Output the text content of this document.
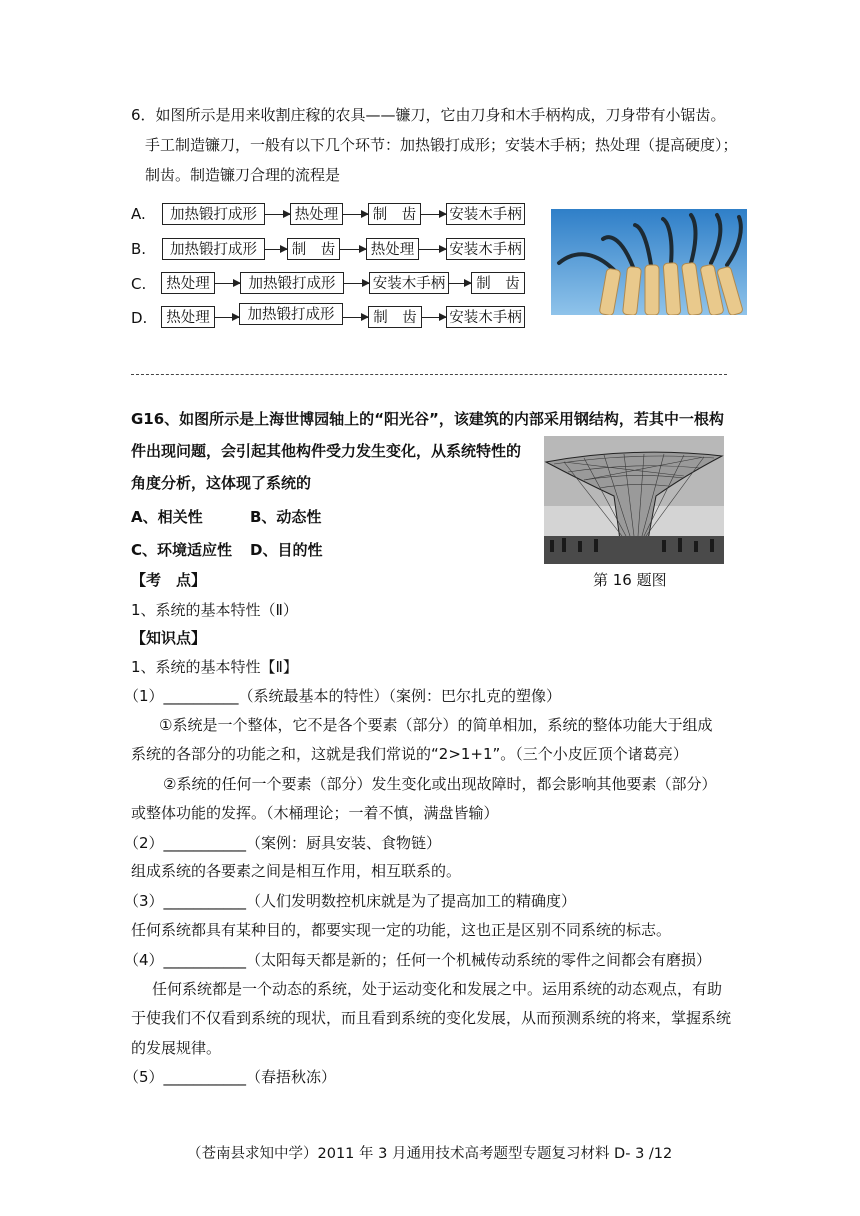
6．如图所示是用来收割庄稼的农具——镰刀，它由刀身和木手柄构成，刀身带有小锯齿。
手工制造镰刀，一般有以下几个环节：加热锻打成形；安装木手柄；热处理（提高硬度）；
制齿。制造镰刀合理的流程是
A.	加热锻打成形	热处理	制　齿	安装木手柄
B.	加热锻打成形	制　齿	热处理	安装木手柄
C.	热处理	加热锻打成形	安装木手柄	制　齿
D.	热处理	加热锻打成形	制　齿	安装木手柄
G16、如图所示是上海世博园轴上的“阳光谷”，该建筑的内部采用钢结构，若其中一根构
件出现问题，会引起其他构件受力发生变化，从系统特性的
角度分析，这体现了系统的
A、相关性	B、动态性
C、环境适应性 D、目的性
第 16 题图
【考　点】
1、系统的基本特性（Ⅱ）
【知识点】
1、系统的基本特性【Ⅱ】
（1）__________（系统最基本的特性）（案例：巴尔扎克的塑像）
①系统是一个整体，它不是各个要素（部分）的简单相加，系统的整体功能大于组成
系统的各部分的功能之和，这就是我们常说的“2>1+1”。（三个小皮匠顶个诸葛亮）
②系统的任何一个要素（部分）发生变化或出现故障时，都会影响其他要素（部分）
或整体功能的发挥。（木桶理论；一着不慎，满盘皆输）
（2）___________（案例：厨具安装、食物链）
组成系统的各要素之间是相互作用，相互联系的。
（3）___________（人们发明数控机床就是为了提高加工的精确度）
任何系统都具有某种目的，都要实现一定的功能，这也正是区别不同系统的标志。
（4）___________（太阳每天都是新的；任何一个机械传动系统的零件之间都会有磨损）
任何系统都是一个动态的系统，处于运动变化和发展之中。运用系统的动态观点，有助
于使我们不仅看到系统的现状，而且看到系统的变化发展，从而预测系统的将来，掌握系统
的发展规律。
（5）___________（春捂秋冻）
（苍南县求知中学）2011 年 3 月通用技术高考题型专题复习材料 D- 3 /12
